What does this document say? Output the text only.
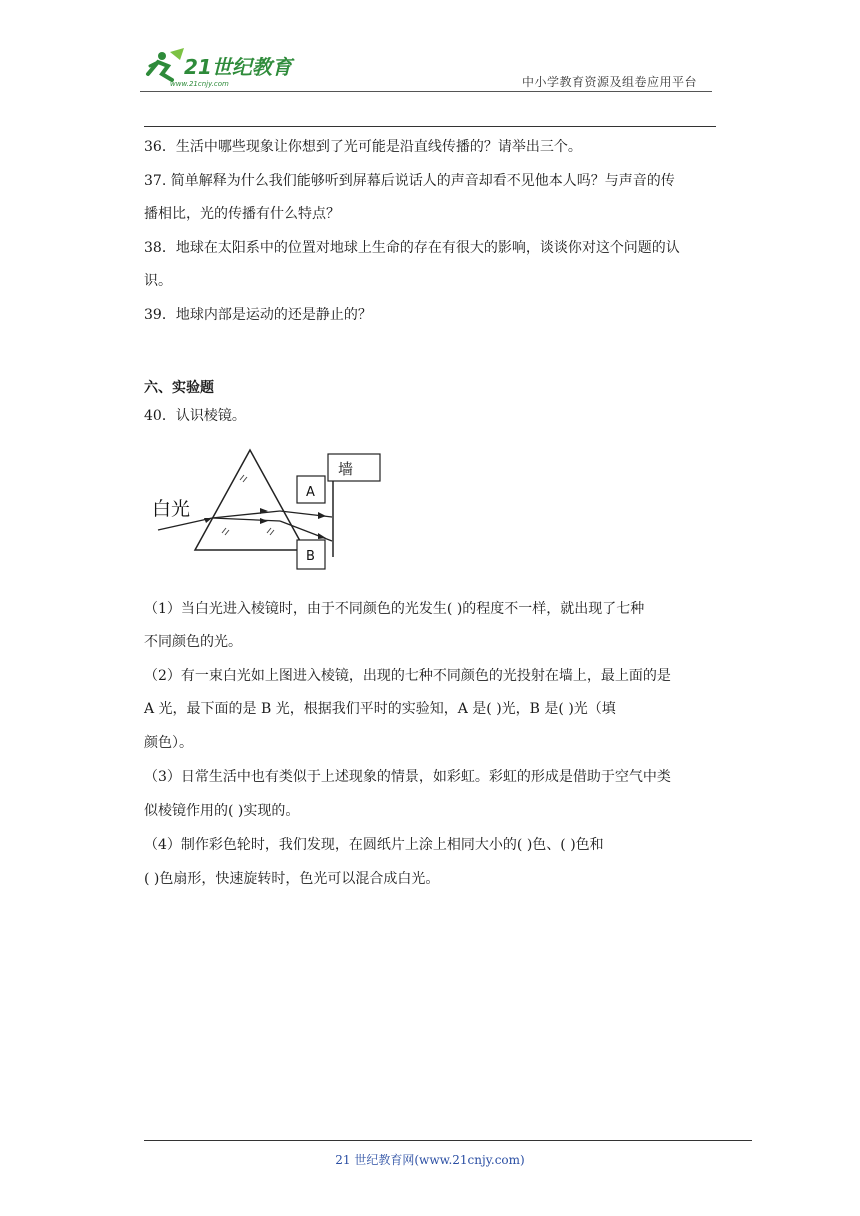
21世纪教育
www.21cnjy.com	中小学教育资源及组卷应用平台
36．生活中哪些现象让你想到了光可能是沿直线传播的？请举出三个。
37. 简单解释为什么我们能够听到屏幕后说话人的声音却看不见他本人吗？与声音的传
播相比，光的传播有什么特点？
38．地球在太阳系中的位置对地球上生命的存在有很大的影响，谈谈你对这个问题的认
识。
39．地球内部是运动的还是静止的？
六、实验题
40．认识棱镜。
墙
A
B
白光
（1）当白光进入棱镜时，由于不同颜色的光发生( )的程度不一样，就出现了七种
不同颜色的光。
（2）有一束白光如上图进入棱镜，出现的七种不同颜色的光投射在墙上，最上面的是
A 光，最下面的是 B 光，根据我们平时的实验知，A 是( )光，B 是( )光（填
颜色）。
（3）日常生活中也有类似于上述现象的情景，如彩虹。彩虹的形成是借助于空气中类
似棱镜作用的( )实现的。
（4）制作彩色轮时，我们发现，在圆纸片上涂上相同大小的( )色、( )色和
( )色扇形，快速旋转时，色光可以混合成白光。
21 世纪教育网(www.21cnjy.com)
